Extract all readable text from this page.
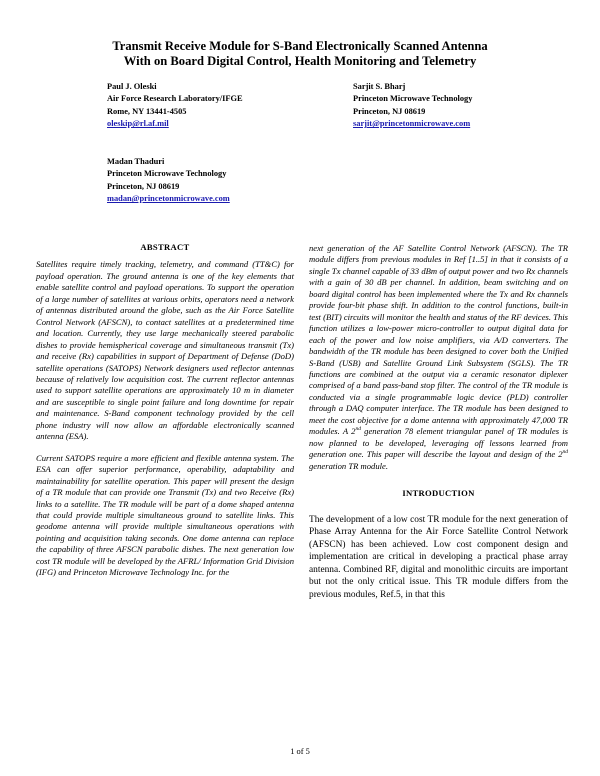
Transmit Receive Module for S-Band Electronically Scanned Antenna
With on Board Digital Control, Health Monitoring and Telemetry
Paul J. Oleski
Air Force Research Laboratory/IFGE
Rome, NY 13441-4505
oleskip@rl.af.mil
Sarjit S. Bharj
Princeton Microwave Technology
Princeton, NJ 08619
sarjit@princetonmicrowave.com
Madan Thaduri
Princeton Microwave Technology
Princeton, NJ 08619
madan@princetonmicrowave.com
ABSTRACT

Satellites require timely tracking, telemetry, and command (TT&C) for payload operation. The ground antenna is one of the key elements that enable satellite control and payload operations. To support the operation of a large number of satellites at various orbits, operators need a network of antennas distributed around the globe, such as the Air Force Satellite Control Network (AFSCN), to contact satellites at a predetermined time and location. Currently, they use large mechanically steered parabolic dishes to provide hemispherical coverage and simultaneous transmit (Tx) and receive (Rx) capabilities in support of Department of Defense (DoD) satellite operations (SATOPS) Network designers used reflector antennas because of relatively low acquisition cost. The current reflector antennas used to support satellite operations are approximately 10 m in diameter and are susceptible to single point failure and long downtime for repair and maintenance. S-Band component technology provided by the cell phone industry will now allow an affordable electronically scanned antenna (ESA).

Current SATOPS require a more efficient and flexible antenna system. The ESA can offer superior performance, operability, adaptability and maintainability for satellite operation. This paper will present the design of a TR module that can provide one Transmit (Tx) and two Receive (Rx) links to a satellite. The TR module will be part of a dome shaped antenna that could provide multiple simultaneous ground to satellite links. This geodome antenna will provide multiple simultaneous operations with pointing and acquisition taking seconds. One dome antenna can replace the capability of three AFSCN parabolic dishes. The next generation low cost TR module will be developed by the AFRL/ Information Grid Division (IFG) and Princeton Microwave Technology Inc. for the

next generation of the AF Satellite Control Network (AFSCN). The TR module differs from previous modules in Ref [1..5] in that it consists of a single Tx channel capable of 33 dBm of output power and two Rx channels with a gain of 30 dB per channel. In addition, beam switching and on board digital control has been implemented where the Tx and Rx channels provide four-bit phase shift. In addition to the control functions, built-in test (BIT) circuits will monitor the health and status of the RF devices. This function utilizes a low-power micro-controller to output digital data for each of the power and low noise amplifiers, via A/D converters. The bandwidth of the TR module has been designed to cover both the Unified S-Band (USB) and Satellite Ground Link Subsystem (SGLS). The TR functions are combined at the output via a ceramic resonator diplexer comprised of a band pass-band stop filter. The control of the TR module is conducted via a single programmable logic device (PLD) controller through a DAQ computer interface. The TR module has been designed to meet the cost objective for a dome antenna with approximately 47,000 TR modules. A 2nd generation 78 element triangular panel of TR modules is now planned to be developed, leveraging off lessons learned from generation one. This paper will describe the layout and design of the 2nd generation TR module.

INTRODUCTION

The development of a low cost TR module for the next generation of Phase Array Antenna for the Air Force Satellite Control Network (AFSCN) has been achieved. Low cost component design and implementation are critical in developing a practical phase array antenna. Combined RF, digital and monolithic circuits are important but not the only critical issue. This TR module differs from the previous modules, Ref.5, in that this

1 of 5
